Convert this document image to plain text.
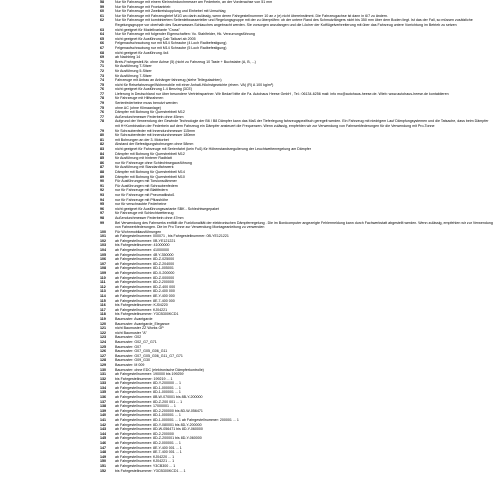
58	Nur für Fahrzeuge mit einem Kleinrohrdurchmesser am Federbein, an der Vorderachse von 51 mm
59	Nur für Fahrzeuge mit Frontantrieb
60	Nur für Fahrzeuge mit Zweikreiskupplung und Einhebel mit Umschlag
61	Nur für Fahrzeuge mit Fahrzeugbrief M1G wo darin zulässig, wenn deren Fahrgestellnummer 10 an z (e) nicht übereinstimmt. Die Fahrzeugachse ist dann in 6/7 zu ändern.
62	Nur für Fahrzeuge mit kombiniertem Seitenleitwasserteller und Regelungsgruppe mit der zu überprüfen: ob der untere Rand des Schmutzfängers nicht bis 350 mm über dem Boden liegt. Ist das der Fall, so müssen zusätzliche Regelungsgruppe vor oberhalb des Sauerwasser-Schlauches angebracht werden. Sie vorsorgen anzufangen und die Löcher der Kotflügelverbreiterung mit über das Fahrzeug untere Vorrichtung im Betrieb zu setzen
63	nicht geeignet für Modellvariante "Cross"
64	Nur für Fahrzeuge mit folgender Eigenschaften: Vo. Stahlfelder, Hk. Verzurrungsführung
65	nicht geeignet für Ausführung Cab Tailcart ab 2005
66	Felgenaufschraubung nur mit M14 Schraube (4 Loch Radbefestigung)
67	Felgenaufschraubung nur mit M14 Schraube (5 Loch Radbefestigung)
68	nicht geeignet für Ausführung 4x4
69	ab Nachlrieg 14
70	Breiv-Frahrgestell-Nr. ohne Achse (5) (nicht zu Fahrzeug 10 Taste + Buchstabe (A, B, ...)
71	für Ausführung T-Sitzer
72	für Ausführung 5-Sitzer
73	für Ausführung 7-Sitzer
74	Fahrzeuge mit Anbau an Anhänger fahrzeug (siehe Teilegutachten)
75	nicht für Reisefahrzeuge/Wohnmobile mit einer Anhalt-Höchstgewichte (ehem. VA) (R) A 100 kg/m²)
76	nicht geeignet für Ausführung 1.4 Benzing (3CE)
77	Lieferung in Deutschland nur über besondere Vertriebspartner. Wir Bedarf bitte die Fa. Autohaus Heese GmbH , Tel.: 06134-6256 mail: info mo@autohaus-heese.de. Wieb: www.autohaus-heese.de kontaktieren
78	für Fahrzeuge mit Hilfsrahmen
79	Serienfederbeine muss benutzt werden
75	ohne AC (ohne Klimaanlage)
76	Dämpfer mit Bohrung für Querstrebbeil M12
77	Außendurchmesser Federbein ohne 45mm
78	Aufgrund der Verwendung der Gewinde Technologie der B6 / B8 Dämpfer kann das Maß der Tieferlegung fahrzeugspezifisch geregelt werden. Ein Fahrzeug mit niedrigem Lauf Dämpfungsystemen und die Tatsache, dass beim Dämpfer mit H+Kombination der Federbein auf dem Fahrzeug ein Dämpfer ansteuert die Frequenzen. Wenn zulässig, empfehlen wir zur Verwendung von Fahrwerkfederungen für die Verwendung mit Pro-Tonne
79	für Schraubenfeder mit Innendurchmesser 115mm
80	für Schraubenfeder mit Innendurchmesser 180mm
81	mit Bohrungen an der 3. Motorbet
82	Abstand der Befestigungsbohrungen ohne 58mm
83	nicht geeignet für Fahrzeuge mit Serienfahrt (kein Fuß) für Höhenstandsregulierung der Leuchtweitenregelung am Dämpfer
84	Dämpfer mit Bohrung für Querstrebbeil M12
85	für Ausführung mit hinterer Radblatt
86	nur für Fahrzeuge ohne Schlechtwegausführung
87	für Ausführung mit Standardfahrwerk
88	Dämpfer mit Bohrung für Querstrebbeil M14
89	Dämpfer mit Bohrung für Querstrebbeil M10
90	Für Ausführungen mit Torsionsdämmer
91	Für Ausführungen mit Schraubenfedern
92	nur für Fahrzeuge mit Blattfedern
93	nur für Fahrzeuge mit Pneumatikstoß
94	nur für Fahrzeuge mit Pflusshöhe
95	nur für verschraubte Federbeine
96	nicht geeignet für Ausführungsvariante SBK - Schlechtwegepaket
97	für Fahrzeuge mit Schlechtwetterzug
98	Außendurchmesser Federbein ohne 47mm
99	Bei Verwendung des Fahrwerks entfällt die Funktionalität der elektronischen Dämpferregelung . Die im Bordcomputer angezeigte Fehlermeldung kann durch Fachwerkstatt abgestellt werden. Wenn zulässig, empfehlen wir zur Verwendung von Fahrwerkfederungen. Die im Pro Tonne zur Verwendung Montageanleitung zu verwenden
100	Für Wohnmobilausführungen
101	ab Fahrgestellnummer: 000071 , bis Fahrgestellnummer: 0B-YE121221
102	ab Fahrgestellnummer: 0B-YE121221
103	bis Fahrgestellnummer: 41000000
104	ab Fahrgestellnummer: 41000000
105	ab Fahrgestellnummer: 4B Y-350000
106	ab Fahrgestellnummer: 8D-Z-025000
107	ab Fahrgestellnummer: 8D-Z-204000
108	ab Fahrgestellnummer: 8D-1-005001
109	ab Fahrgestellnummer: 8D-X-200000
110	ab Fahrgestellnummer: 8D-Z-000000
111	ab Fahrgestellnummer: 8D-2-200000
112	ab Fahrgestellnummer: 8D-Z-400 000
113	ab Fahrgestellnummer: 8D-2-400 000
114	ab Fahrgestellnummer: 8E-Y-400 000
115	ab Fahrgestellnummer: 8E-7-400 000
116	bis Fahrgestellnummer: KJ04220
117	ab Fahrgestellnummer: KJ04221
118	bis Fahrgestellnummer: Y3CB300KCD1
119	Baumuster: Avantgarde
120	Baumuster: Avantgarde_Elegance
121	nicht Baumuster ZZ Works GP
122	nicht Baumuster "A"
123	Baumuster: G02
124	Baumuster: G02_G7_G71
125	Baumuster: G07
126	Baumuster: G07_G05_G06_G11
127	Baumuster: G07_G05_G06_G11_G7_G71
128	Baumuster: G09_G30
129	Baumuster: M 009
130	Baumuster: ohne EDC (elektronische Dämpferkontrolle)
131	ab Fahrgestellnummer: 190000 bis 199259
132	bis Fahrgestellnummer: 199219 ... 1
133	ab Fahrgestellnummer: 8D-Y-200000 ... 1
134	ab Fahrgestellnummer: 8D-1-000001 ... 1
135	ab Fahrgestellnummer: 8D-1-000001 ... 1
136	ab Fahrgestellnummer: 8B-W-070001 bis 8B-Y-200000
137	ab Fahrgestellnummer: 8D-Z-200 001 ... 1
138	ab Fahrgestellnummer: 17000001 ... 1
139	ab Fahrgestellnummer: 8D-2-200000 bis 8D-W-056471
140	ab Fahrgestellnummer: 8D-1-000001 ... 1
141	ab Fahrgestellnummer: 8D-1-000001 ... 1 ab Fahrgestellnummer: 200001 ... 1
142	ab Fahrgestellnummer: 8D-Y-080001 bis 8D-Y-200000
143	ab Fahrgestellnummer: 8D-W-056471 bis 8D-Y-060000
144	ab Fahrgestellnummer: 8D-2-200000
145	ab Fahrgestellnummer: 8D-Z-200001 bis 8D-Y-060000
146	ab Fahrgestellnummer: 8D-2-000001 ... 1
147	ab Fahrgestellnummer: 8E-Y-400 001 ... 1
148	ab Fahrgestellnummer: 8E-7-400 001 ... 1
149	ab Fahrgestellnummer: KJ04220 ... 1
150	ab Fahrgestellnummer: KJ04221 ... 1
151	ab Fahrgestellnummer: Y3CB300 ... 1
152	bis Fahrgestellnummer: Y3CB300KCD1 ... 1
